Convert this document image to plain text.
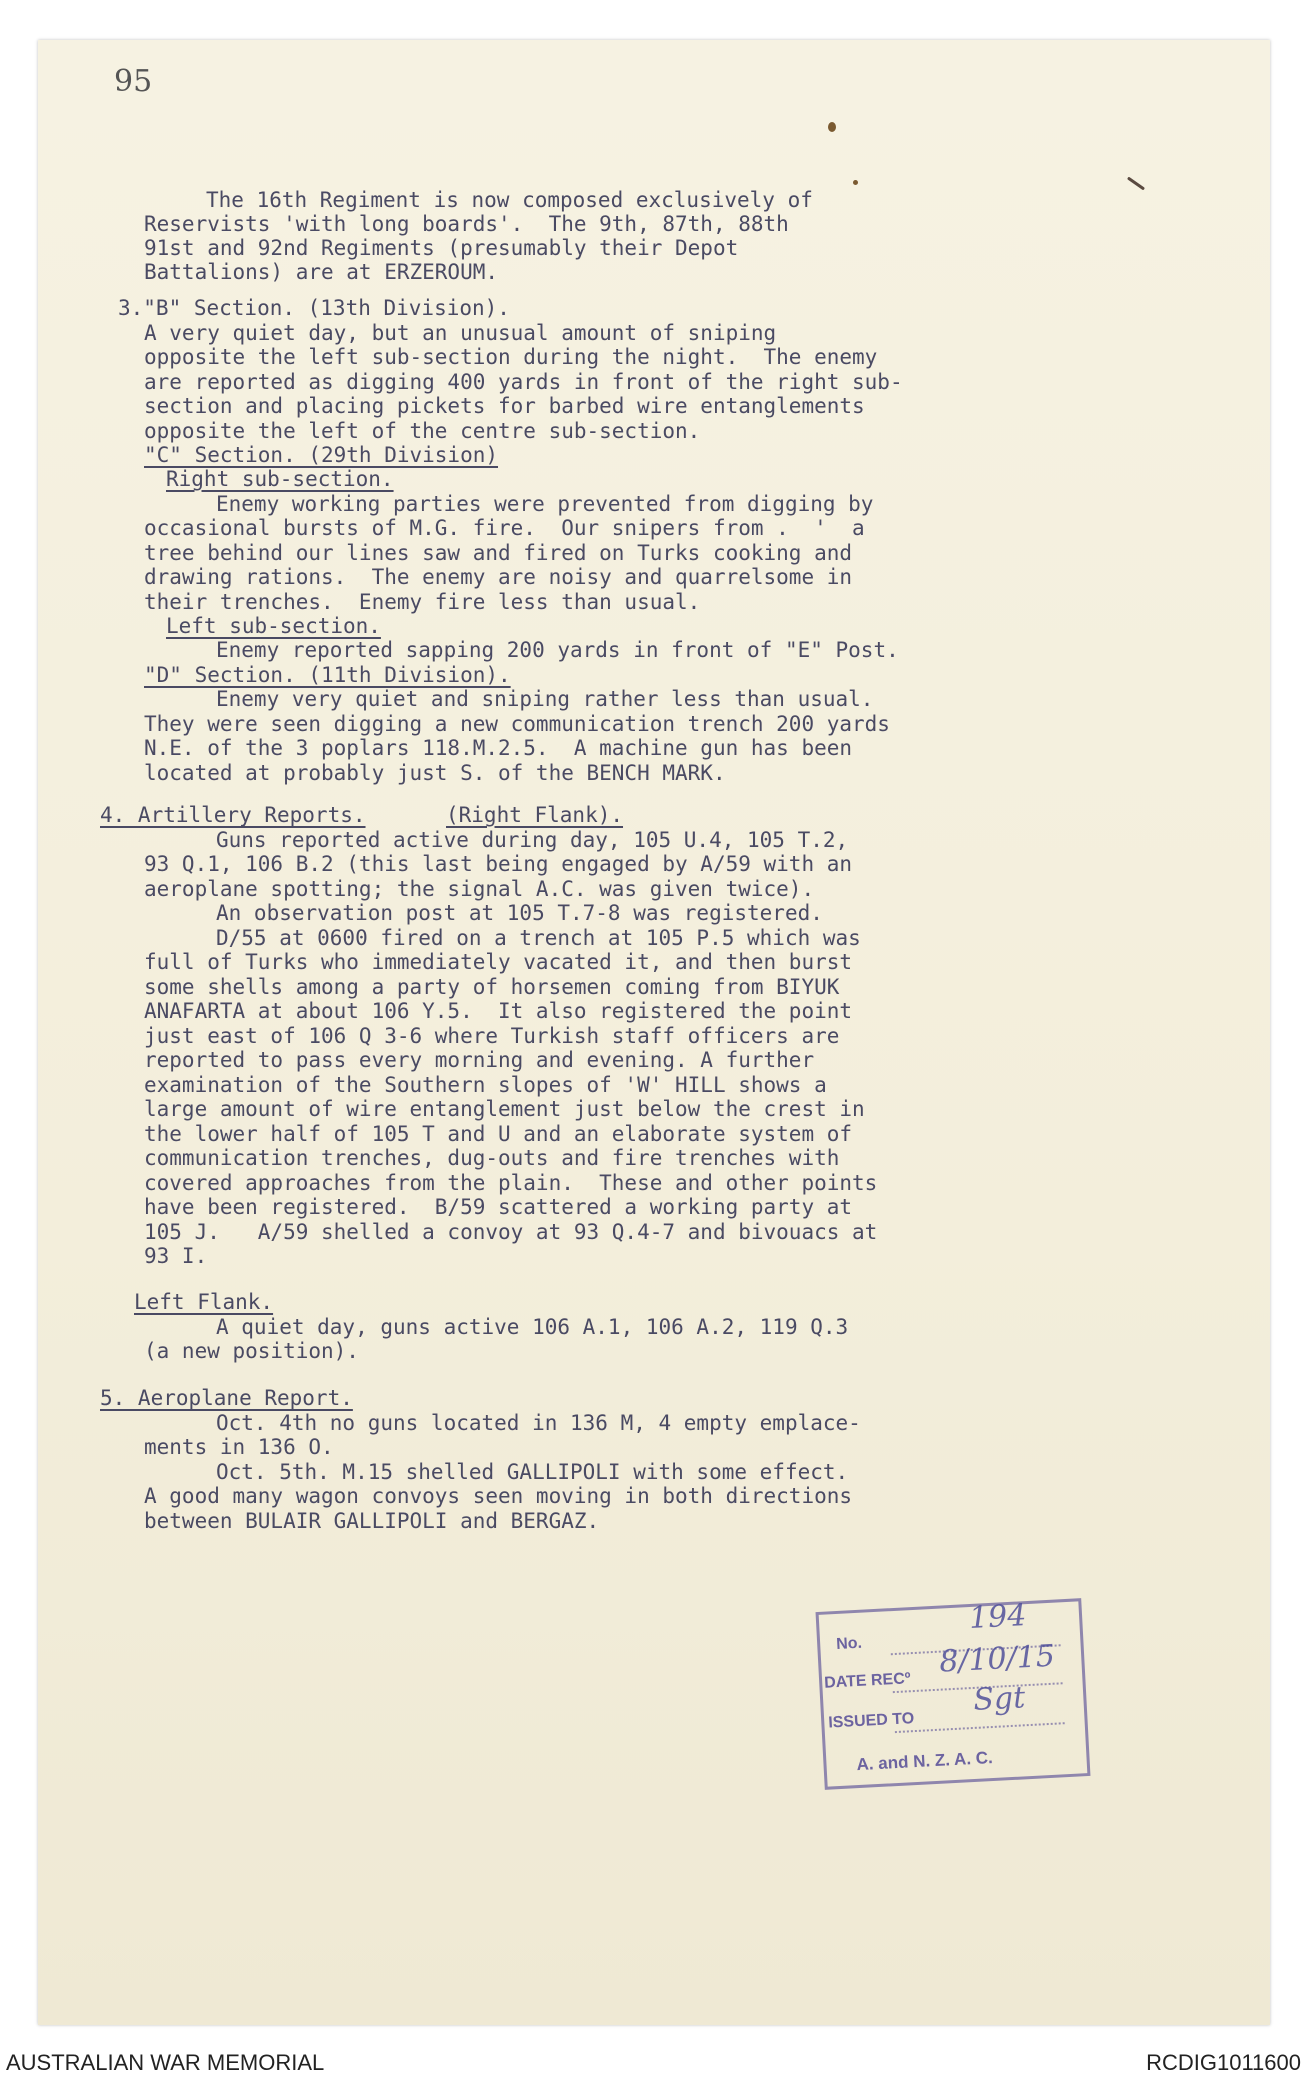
95
The 16th Regiment is now composed exclusively of
Reservists 'with long boards'.  The 9th, 87th, 88th
91st and 92nd Regiments (presumably their Depot
Battalions) are at ERZEROUM.
3."B" Section. (13th Division).
A very quiet day, but an unusual amount of sniping
opposite the left sub-section during the night.  The enemy
are reported as digging 400 yards in front of the right sub-
section and placing pickets for barbed wire entanglements
opposite the left of the centre sub-section.
"C" Section. (29th Division)
Right sub-section.
Enemy working parties were prevented from digging by
occasional bursts of M.G. fire.  Our snipers from .  '  a
tree behind our lines saw and fired on Turks cooking and
drawing rations.  The enemy are noisy and quarrelsome in
their trenches.  Enemy fire less than usual.
Left sub-section.
Enemy reported sapping 200 yards in front of "E" Post.
"D" Section. (11th Division).
Enemy very quiet and sniping rather less than usual.
They were seen digging a new communication trench 200 yards
N.E. of the 3 poplars 118.M.2.5.  A machine gun has been
located at probably just S. of the BENCH MARK.
4. Artillery Reports.	(Right Flank).
Guns reported active during day, 105 U.4, 105 T.2,
93 Q.1, 106 B.2 (this last being engaged by A/59 with an
aeroplane spotting; the signal A.C. was given twice).
An observation post at 105 T.7-8 was registered.
D/55 at 0600 fired on a trench at 105 P.5 which was
full of Turks who immediately vacated it, and then burst
some shells among a party of horsemen coming from BIYUK
ANAFARTA at about 106 Y.5.  It also registered the point
just east of 106 Q 3-6 where Turkish staff officers are
reported to pass every morning and evening. A further
examination of the Southern slopes of 'W' HILL shows a
large amount of wire entanglement just below the crest in
the lower half of 105 T and U and an elaborate system of
communication trenches, dug-outs and fire trenches with
covered approaches from the plain.  These and other points
have been registered.  B/59 scattered a working party at
105 J.   A/59 shelled a convoy at 93 Q.4-7 and bivouacs at
93 I.
Left Flank.
A quiet day, guns active 106 A.1, 106 A.2, 119 Q.3
(a new position).
5. Aeroplane Report.
Oct. 4th no guns located in 136 M, 4 empty emplace-
ments in 136 O.
Oct. 5th. M.15 shelled GALLIPOLI with some effect.
A good many wagon convoys seen moving in both directions
between BULAIR GALLIPOLI and BERGAZ.
No.
194
DATE RECº
8/10/15
ISSUED TO
Sgt
A. and N. Z. A. C.
AUSTRALIAN WAR MEMORIAL	RCDIG1011600
